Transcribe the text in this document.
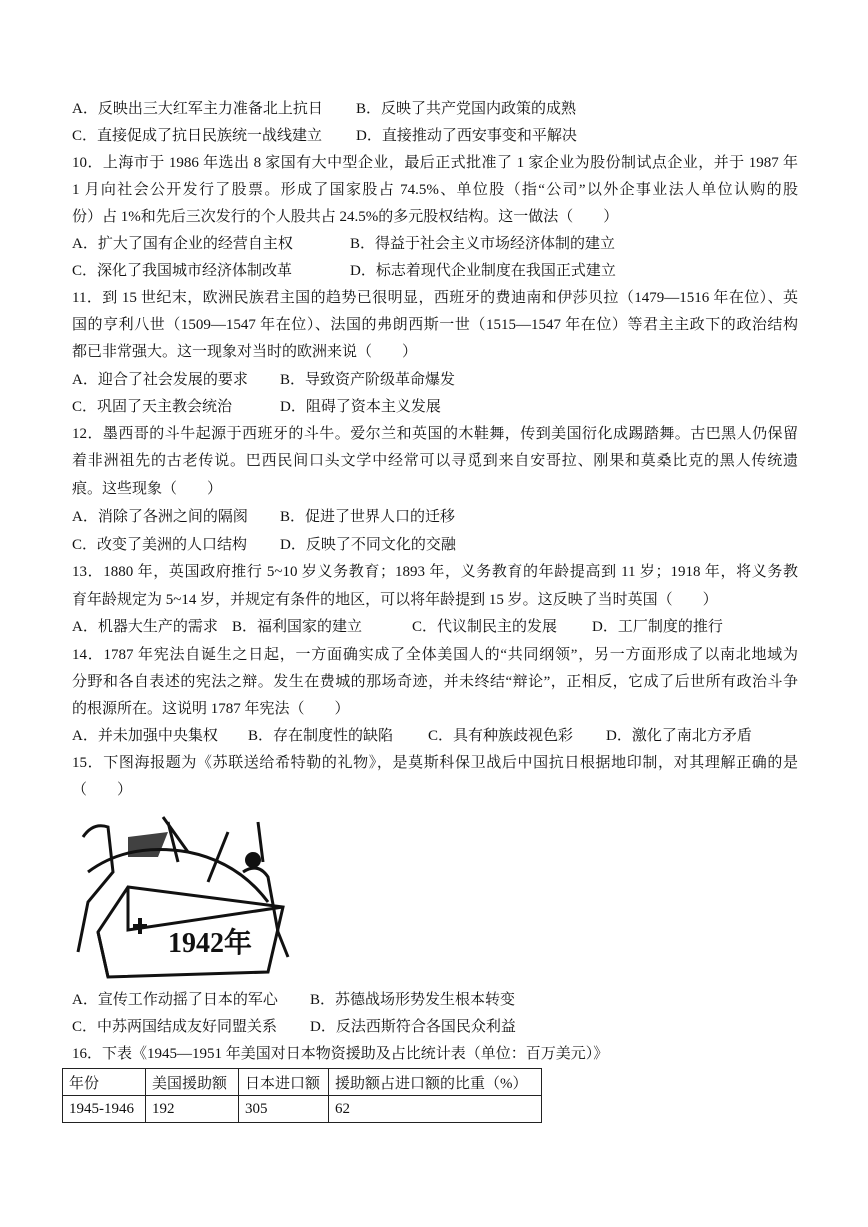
A．反映出三大红军主力准备北上抗日 B．反映了共产党国内政策的成熟
C．直接促成了抗日民族统一战线建立 D．直接推动了西安事变和平解决
10．上海市于 1986 年选出 8 家国有大中型企业，最后正式批准了 1 家企业为股份制试点企业，并于 1987 年
1 月向社会公开发行了股票。形成了国家股占 74.5%、单位股（指“公司”以外企事业法人单位认购的股
份）占 1%和先后三次发行的个人股共占 24.5%的多元股权结构。这一做法（　　）
A．扩大了国有企业的经营自主权	B．得益于社会主义市场经济体制的建立
C．深化了我国城市经济体制改革	D．标志着现代企业制度在我国正式建立
11．到 15 世纪末，欧洲民族君主国的趋势已很明显，西班牙的费迪南和伊莎贝拉（1479—1516 年在位）、英
国的亨利八世（1509—1547 年在位）、法国的弗朗西斯一世（1515—1547 年在位）等君主主政下的政治结构
都已非常强大。这一现象对当时的欧洲来说（　　）
A．迎合了社会发展的要求 B．导致资产阶级革命爆发
C．巩固了天主教会统治	D．阻碍了资本主义发展
12．墨西哥的斗牛起源于西班牙的斗牛。爱尔兰和英国的木鞋舞，传到美国衍化成踢踏舞。古巴黑人仍保留
着非洲祖先的古老传说。巴西民间口头文学中经常可以寻觅到来自安哥拉、刚果和莫桑比克的黑人传统遗
痕。这些现象（　　）
A．消除了各洲之间的隔阂 B．促进了世界人口的迁移
C．改变了美洲的人口结构 D．反映了不同文化的交融
13．1880 年，英国政府推行 5~10 岁义务教育；1893 年，义务教育的年龄提高到 11 岁；1918 年，将义务教
育年龄规定为 5~14 岁，并规定有条件的地区，可以将年龄提到 15 岁。这反映了当时英国（　　）
A．机器大生产的需求 B．福利国家的建立	C．代议制民主的发展 D．工厂制度的推行
14．1787 年宪法自诞生之日起，一方面确实成了全体美国人的“共同纲领”，另一方面形成了以南北地域为
分野和各自表述的宪法之辩。发生在费城的那场奇迹，并未终结“辩论”，正相反，它成了后世所有政治斗争
的根源所在。这说明 1787 年宪法（　　）
A．并未加强中央集权 B．存在制度性的缺陷 C．具有种族歧视色彩 D．激化了南北方矛盾
15．下图海报题为《苏联送给希特勒的礼物》，是莫斯科保卫战后中国抗日根据地印制，对其理解正确的是
（　　）
1942年
A．宣传工作动摇了日本的军心 B．苏德战场形势发生根本转变
C．中苏两国结成友好同盟关系 D．反法西斯符合各国民众利益
16．下表《1945—1951 年美国对日本物资援助及占比统计表（单位：百万美元）》
年份	美国援助额	日本进口额	援助额占进口额的比重（%）
1945-1946	192	305	62
